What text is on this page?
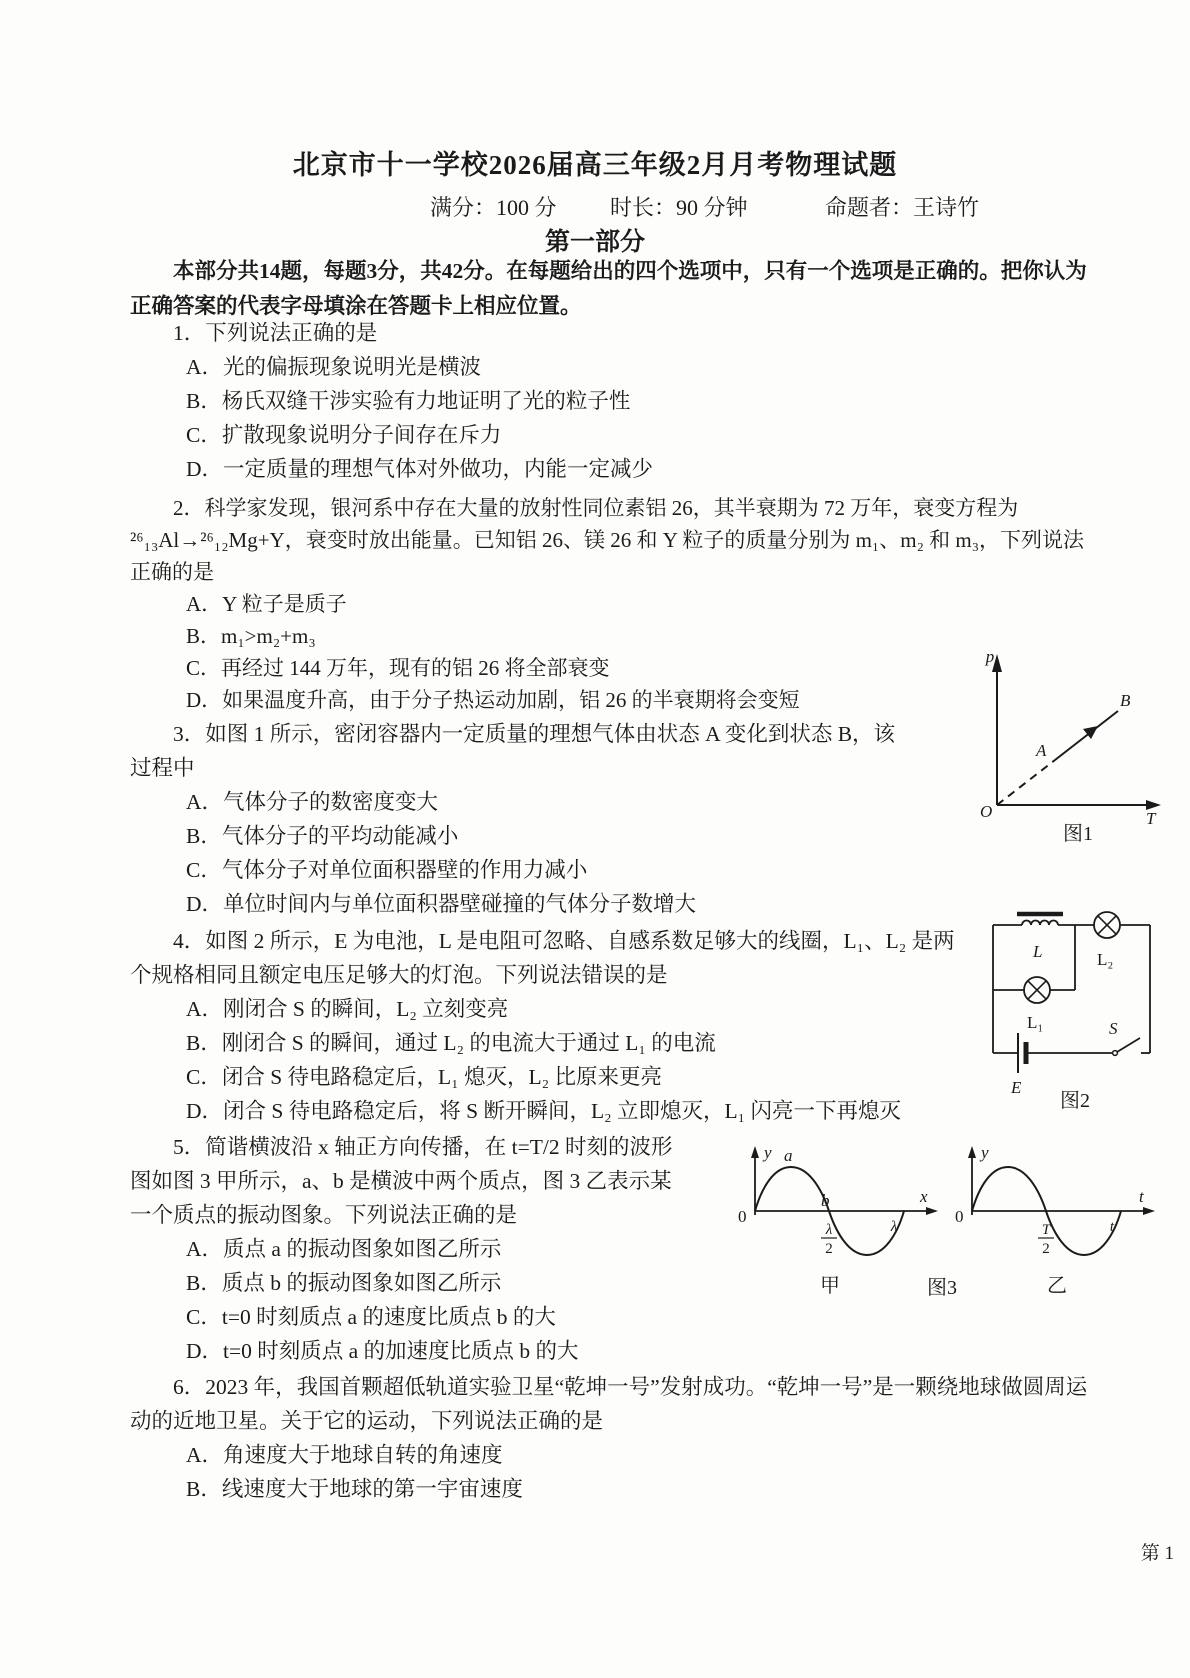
北京市十一学校2026届高三年级2月月考物理试题
满分：100 分 时长：90 分钟	命题者：王诗竹
第一部分

本部分共14题，每题3分，共42分。在每题给出的四个选项中，只有一个选项是正确的。把你认为正确答案的代表字母填涂在答题卡上相应位置。

1．下列说法正确的是

A．光的偏振现象说明光是横波

B．杨氏双缝干涉实验有力地证明了光的粒子性

C．扩散现象说明分子间存在斥力

D．一定质量的理想气体对外做功，内能一定减少

2．科学家发现，银河系中存在大量的放射性同位素铝 26，其半衰期为 72 万年，衰变方程为 ²⁶₁₃Al→²⁶₁₂Mg+Y，衰变时放出能量。已知铝 26、镁 26 和 Y 粒子的质量分别为 m₁、m₂ 和 m₃，下列说法正确的是

A．Y 粒子是质子

B．m₁>m₂+m₃

C．再经过 144 万年，现有的铝 26 将全部衰变

D．如果温度升高，由于分子热运动加剧，铝 26 的半衰期将会变短

3．如图 1 所示，密闭容器内一定质量的理想气体由状态 A 变化到状态 B，该过程中

A．气体分子的数密度变大

B．气体分子的平均动能减小

C．气体分子对单位面积器壁的作用力减小

D．单位时间内与单位面积器壁碰撞的气体分子数增大

4．如图 2 所示，E 为电池，L 是电阻可忽略、自感系数足够大的线圈，L₁、L₂ 是两个规格相同且额定电压足够大的灯泡。下列说法错误的是

A．刚闭合 S 的瞬间，L₂ 立刻变亮

B．刚闭合 S 的瞬间，通过 L₂ 的电流大于通过 L₁ 的电流

C．闭合 S 待电路稳定后，L₁ 熄灭，L₂ 比原来更亮

D．闭合 S 待电路稳定后，将 S 断开瞬间，L₂ 立即熄灭，L₁ 闪亮一下再熄灭

5．简谐横波沿 x 轴正方向传播，在 t=T/2 时刻的波形图如图 3 甲所示，a、b 是横波中两个质点，图 3 乙表示某一个质点的振动图象。下列说法正确的是

A．质点 a 的振动图象如图乙所示

B．质点 b 的振动图象如图乙所示

C．t=0 时刻质点 a 的速度比质点 b 的大

D．t=0 时刻质点 a 的加速度比质点 b 的大

6．2023 年，我国首颗超低轨道实验卫星“乾坤一号”发射成功。“乾坤一号”是一颗绕地球做圆周运动的近地卫星。关于它的运动，下列说法正确的是

A．角速度大于地球自转的角速度

B．线速度大于地球的第一宇宙速度

p
T
O
A
B
图1
L	L₂
L₁
E
S
图2
y
x
0
a
b
λ
2
λ
甲
y
t
0
T
2
t
乙
图3
第 1
